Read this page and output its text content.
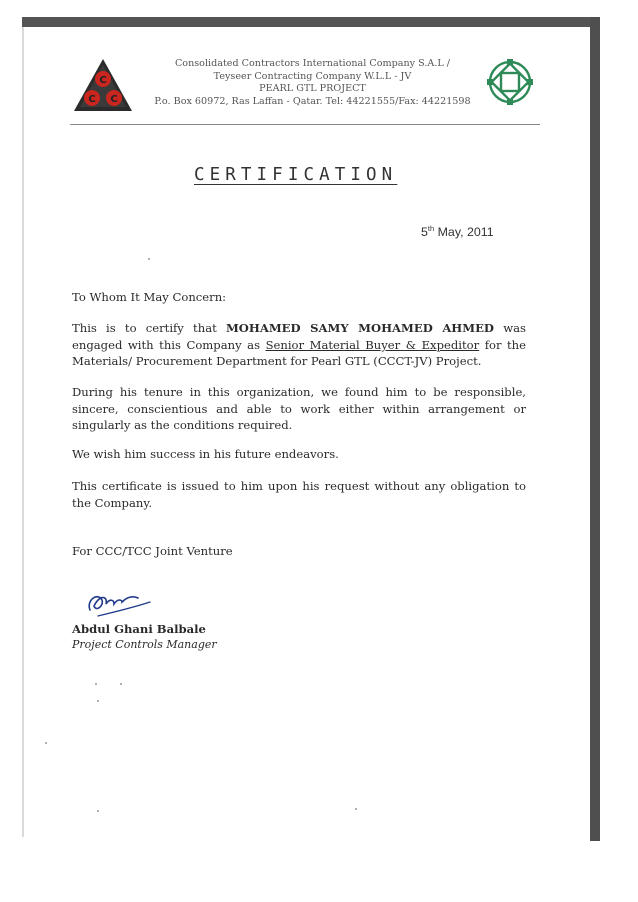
C
C C
Consolidated Contractors International Company S.A.L /
Teyseer Contracting Company W.L.L - JV
PEARL GTL PROJECT
P.o. Box 60972, Ras Laffan - Qatar. Tel: 44221555/Fax: 44221598
CERTIFICATION
5th May, 2011
To Whom It May Concern:
This is to certify that MOHAMED SAMY MOHAMED AHMED was engaged with this Company as Senior Material Buyer & Expeditor for the Materials/ Procurement Department for Pearl GTL (CCCT-JV) Project.
During his tenure in this organization, we found him to be responsible, sincere, conscientious and able to work either within arrangement or singularly as the conditions required.
We wish him success in his future endeavors.
This certificate is issued to him upon his request without any obligation to the Company.
For CCC/TCC Joint Venture
Abdul Ghani Balbale
Project Controls Manager
